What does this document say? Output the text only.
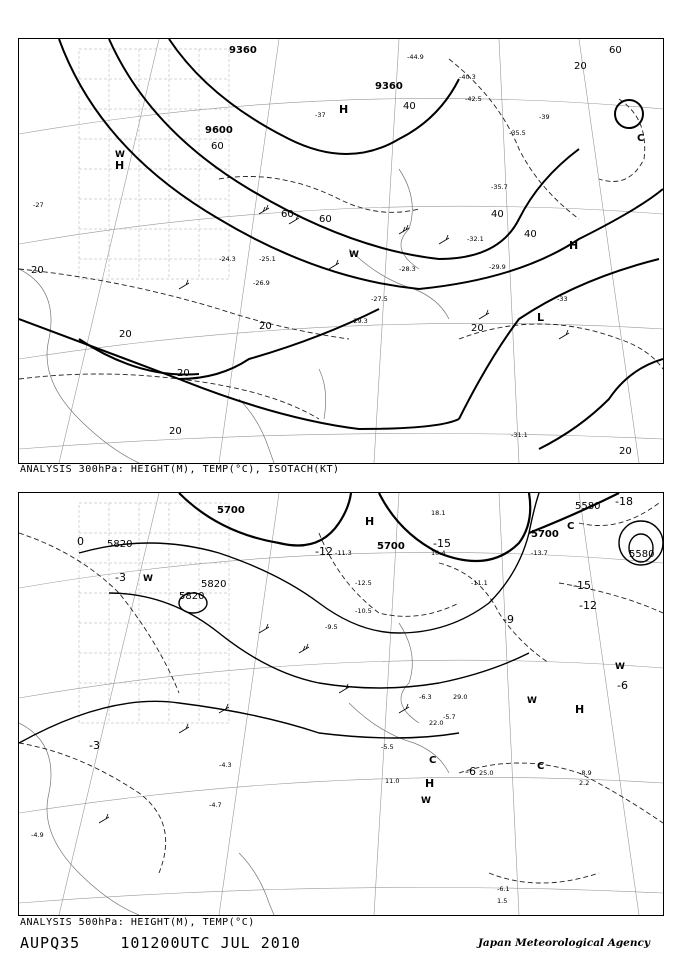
H
H
H
L
C
W
W
9360
9360
9600
60
40
40
20
60
60	60	40
20
20
20
20
20
20
20
-35.7
-35.5
-32.1
-29.9
-28.3
-27.5
-25.1
-24.3
-26.9
-29.3
-31.1
-33
-27
-37	-39
-42.5
-40.3
-44.9
ANALYSIS 300hPa: HEIGHT(M), TEMP(°C), ISOTACH(KT)
H
H
H
C
C
C
W
W
W
W
5700
5700
5700
5820
5820
5820
5580
5580
0
-3
-6
-6
-9
-12
-12
-15
-15
-18
-3
-11.3
-12.5
-10.5
-9.5
-5.5
-5.7
-6.3
-4.3
-4.7
-6.1
-8.9
-13.7
-11.1
-4.9
18.1
10.4
22.0
29.0
25.0
1.5
2.2
11.0
ANALYSIS 500hPa: HEIGHT(M), TEMP(°C)
AUPQ35	101200UTC JUL 2010	Japan Meteorological Agency
